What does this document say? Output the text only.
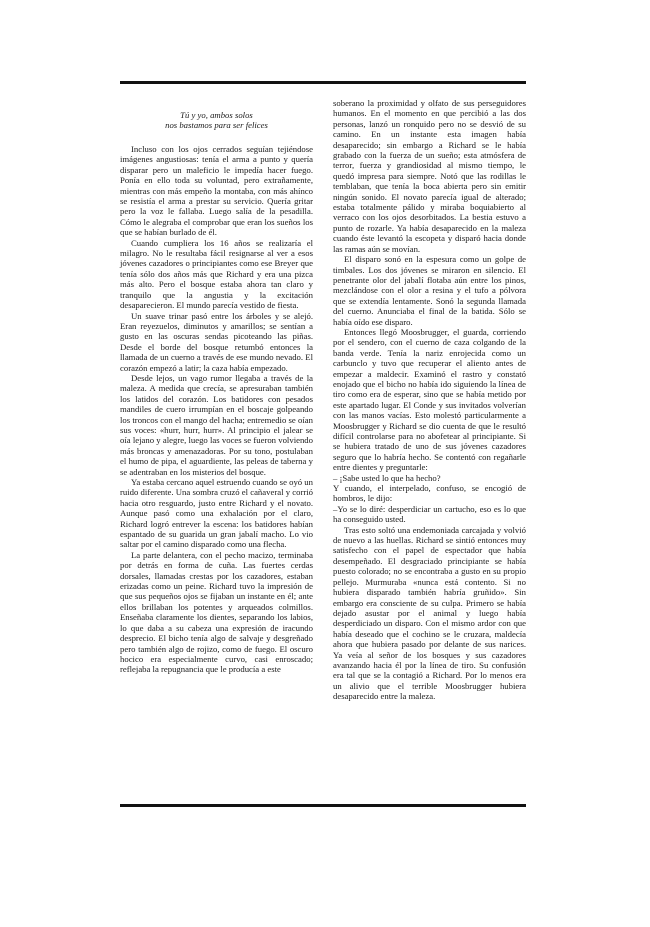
Tú y yo, ambos solos
nos bastamos para ser felices

Incluso con los ojos cerrados seguían tejiéndose imágenes angustiosas: tenía el arma a punto y quería disparar pero un maleficio le impedía hacer fuego. Ponía en ello toda su voluntad, pero extrañamente, mientras con más empeño la montaba, con más ahínco se resistía el arma a prestar su servicio. Quería gritar pero la voz le fallaba. Luego salía de la pesadilla. Cómo le alegraba el comprobar que eran los sueños los que se habían burlado de él.

Cuando cumpliera los 16 años se realizaría el milagro. No le resultaba fácil resignarse al ver a esos jóvenes cazadores o principiantes como ese Breyer que tenía sólo dos años más que Richard y era una pizca más alto. Pero el bosque estaba ahora tan claro y tranquilo que la angustia y la excitación desaparecieron. El mundo parecía vestido de fiesta.

Un suave trinar pasó entre los árboles y se alejó. Eran reyezuelos, diminutos y amarillos; se sentían a gusto en las oscuras sendas picoteando las piñas. Desde el borde del bosque retumbó entonces la llamada de un cuerno a través de ese mundo nevado. El corazón empezó a latir; la caza había empezado.

Desde lejos, un vago rumor llegaba a través de la maleza. A medida que crecía, se apresuraban también los latidos del corazón. Los batidores con pesados mandiles de cuero irrumpían en el boscaje golpeando los troncos con el mango del hacha; entremedio se oían sus voces: «hurr, hurr, hurr». Al principio el jalear se oía lejano y alegre, luego las voces se fueron volviendo más broncas y amenazadoras. Por su tono, postulaban el humo de pipa, el aguardiente, las peleas de taberna y se adentraban en los misterios del bosque.

Ya estaba cercano aquel estruendo cuando se oyó un ruido diferente. Una sombra cruzó el cañaveral y corrió hacia otro resguardo, justo entre Richard y el novato. Aunque pasó como una exhalación por el claro, Richard logró entrever la escena: los batidores habían espantado de su guarida un gran jabalí macho. Lo vio saltar por el camino disparado como una flecha.

La parte delantera, con el pecho macizo, terminaba por detrás en forma de cuña. Las fuertes cerdas dorsales, llamadas crestas por los cazadores, estaban erizadas como un peine. Richard tuvo la impresión de que sus pequeños ojos se fijaban un instante en él; ante ellos brillaban los potentes y arqueados colmillos. Enseñaba claramente los dientes, separando los labios, lo que daba a su cabeza una expresión de iracundo desprecio. El bicho tenía algo de salvaje y desgreñado pero también algo de rojizo, como de fuego. El oscuro hocico era especialmente curvo, casi enroscado; reflejaba la repugnancia que le producía a este

soberano la proximidad y olfato de sus perseguidores humanos. En el momento en que percibió a las dos personas, lanzó un ronquido pero no se desvió de su camino. En un instante esta imagen había desaparecido; sin embargo a Richard se le había grabado con la fuerza de un sueño; esta atmósfera de terror, fuerza y grandiosidad al mismo tiempo, le quedó impresa para siempre. Notó que las rodillas le temblaban, que tenía la boca abierta pero sin emitir ningún sonido. El novato parecía igual de alterado; estaba totalmente pálido y miraba boquiabierto al verraco con los ojos desorbitados. La bestia estuvo a punto de rozarle. Ya había desaparecido en la maleza cuando éste levantó la escopeta y disparó hacia donde las ramas aún se movían.

El disparo sonó en la espesura como un golpe de timbales. Los dos jóvenes se miraron en silencio. El penetrante olor del jabalí flotaba aún entre los pinos, mezclándose con el olor a resina y el tufo a pólvora que se extendía lentamente. Sonó la segunda llamada del cuerno. Anunciaba el final de la batida. Sólo se había oído ese disparo.

Entonces llegó Moosbrugger, el guarda, corriendo por el sendero, con el cuerno de caza colgando de la banda verde. Tenía la nariz enrojecida como un carbunclo y tuvo que recuperar el aliento antes de empezar a maldecir. Examinó el rastro y constató enojado que el bicho no había ido siguiendo la línea de tiro como era de esperar, sino que se había metido por este apartado lugar. El Conde y sus invitados volverían con las manos vacías. Esto molestó particularmente a Moosbrugger y Richard se dio cuenta de que le resultó difícil controlarse para no abofetear al principiante. Si se hubiera tratado de uno de sus jóvenes cazadores seguro que lo habría hecho. Se contentó con regañarle entre dientes y preguntarle:

– ¡Sabe usted lo que ha hecho?

Y cuando, el interpelado, confuso, se encogió de hombros, le dijo:

–Yo se lo diré: desperdiciar un cartucho, eso es lo que ha conseguido usted.

Tras esto soltó una endemoniada carcajada y volvió de nuevo a las huellas. Richard se sintió entonces muy satisfecho con el papel de espectador que había desempeñado. El desgraciado principiante se había puesto colorado; no se encontraba a gusto en su propio pellejo. Murmuraba «nunca está contento. Si no hubiera disparado también habría gruñido». Sin embargo era consciente de su culpa. Primero se había dejado asustar por el animal y luego había desperdiciado un disparo. Con el mismo ardor con que había deseado que el cochino se le cruzara, maldecía ahora que hubiera pasado por delante de sus narices. Ya veía al señor de los bosques y sus cazadores avanzando hacia él por la línea de tiro. Su confusión era tal que se la contagió a Richard. Por lo menos era un alivio que el terrible Moosbrugger hubiera desaparecido entre la maleza.
